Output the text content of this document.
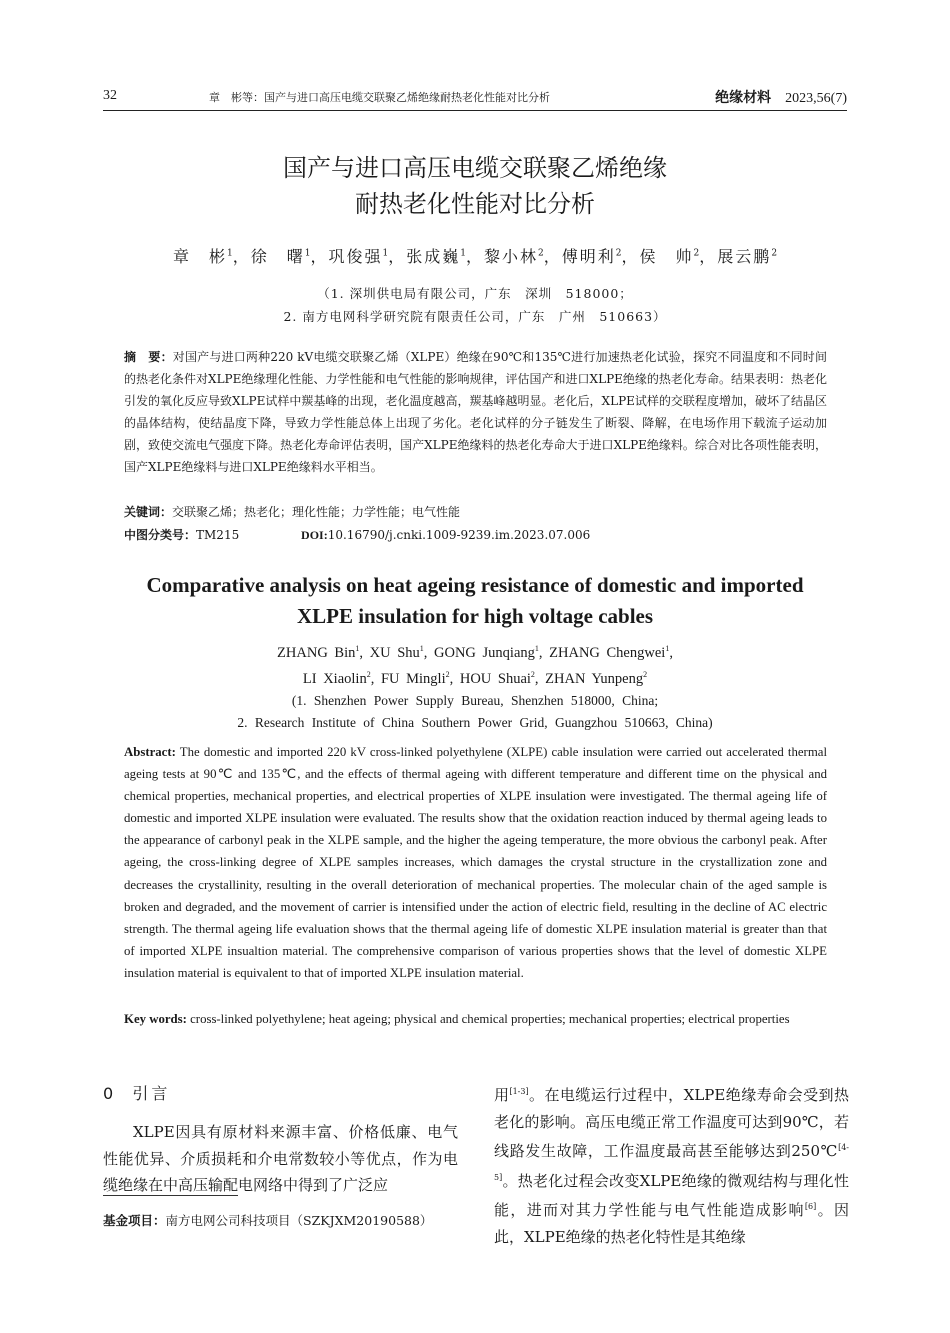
32	章　彬等：国产与进口高压电缆交联聚乙烯绝缘耐热老化性能对比分析	绝缘材料 2023,56(7)
国产与进口高压电缆交联聚乙烯绝缘
耐热老化性能对比分析
章　彬$^1$，徐　曙$^1$，巩俊强$^1$，张成巍$^1$，黎小林$^2$，傅明利$^2$，侯　帅$^2$，展云鹏$^2$
（1. 深圳供电局有限公司，广东　深圳　518000；
2. 南方电网科学研究院有限责任公司，广东　广州　510663）
摘　要：对国产与进口两种220 kV电缆交联聚乙烯（XLPE）绝缘在90℃和135℃进行加速热老化试验，探究不同温度和不同时间的热老化条件对XLPE绝缘理化性能、力学性能和电气性能的影响规律，评估国产和进口XLPE绝缘的热老化寿命。结果表明：热老化引发的氧化反应导致XLPE试样中羰基峰的出现，老化温度越高，羰基峰越明显。老化后，XLPE试样的交联程度增加，破坏了结晶区的晶体结构，使结晶度下降，导致力学性能总体上出现了劣化。老化试样的分子链发生了断裂、降解，在电场作用下载流子运动加剧，致使交流电气强度下降。热老化寿命评估表明，国产XLPE绝缘料的热老化寿命大于进口XLPE绝缘料。综合对比各项性能表明，国产XLPE绝缘料与进口XLPE绝缘料水平相当。
关键词：交联聚乙烯；热老化；理化性能；力学性能；电气性能
中图分类号：TM215	DOI:10.16790/j.cnki.1009-9239.im.2023.07.006
Comparative analysis on heat ageing resistance of domestic and imported
XLPE insulation for high voltage cables
ZHANG Bin$^1$, XU Shu$^1$, GONG Junqiang$^1$, ZHANG Chengwei$^1$,
LI Xiaolin$^2$, FU Mingli$^2$, HOU Shuai$^2$, ZHAN Yunpeng$^2$
(1. Shenzhen Power Supply Bureau, Shenzhen 518000, China;
2. Research Institute of China Southern Power Grid, Guangzhou 510663, China)
Abstract: The domestic and imported 220 kV cross-linked polyethylene (XLPE) cable insulation were carried out accelerated thermal ageing tests at 90℃ and 135℃, and the effects of thermal ageing with different temperature and different time on the physical and chemical properties, mechanical properties, and electrical properties of XLPE insulation were investigated. The thermal ageing life of domestic and imported XLPE insulation were evaluated. The results show that the oxidation reaction induced by thermal ageing leads to the appearance of carbonyl peak in the XLPE sample, and the higher the ageing temperature, the more obvious the carbonyl peak. After ageing, the cross-linking degree of XLPE samples increases, which damages the crystal structure in the crystallization zone and decreases the crystallinity, resulting in the overall deterioration of mechanical properties. The molecular chain of the aged sample is broken and degraded, and the movement of carrier is intensified under the action of electric field, resulting in the decline of AC electric strength. The thermal ageing life evaluation shows that the thermal ageing life of domestic XLPE insulation material is greater than that of imported XLPE insualtion material. The comprehensive comparison of various properties shows that the level of domestic XLPE insulation material is equivalent to that of imported XLPE insulation material.
Key words: cross-linked polyethylene; heat ageing; physical and chemical properties; mechanical properties; electrical properties
0 引言
XLPE因具有原材料来源丰富、价格低廉、电气性能优异、介质损耗和介电常数较小等优点，作为电缆绝缘在中高压输配电网络中得到了广泛应
用[1-3]。在电缆运行过程中，XLPE绝缘寿命会受到热老化的影响。高压电缆正常工作温度可达到90℃，若线路发生故障，工作温度最高甚至能够达到250℃[4-5]。热老化过程会改变XLPE绝缘的微观结构与理化性能，进而对其力学性能与电气性能造成影响[6]。因此，XLPE绝缘的热老化特性是其绝缘
基金项目：南方电网公司科技项目（SZKJXM20190588）
